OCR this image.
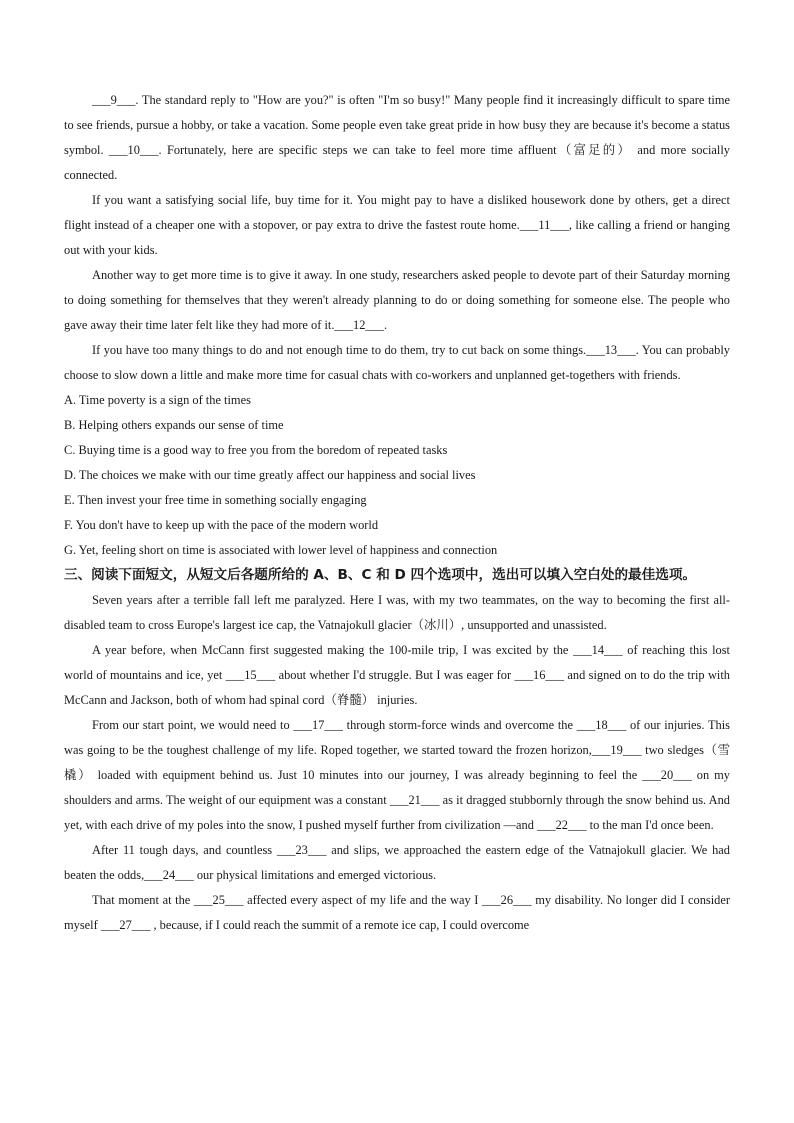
___9___. The standard reply to "How are you?" is often "I'm so busy!" Many people find it increasingly difficult to spare time to see friends, pursue a hobby, or take a vacation. Some people even take great pride in how busy they are because it's become a status symbol. ___10___. Fortunately, here are specific steps we can take to feel more time affluent（富足的） and more socially connected.

If you want a satisfying social life, buy time for it. You might pay to have a disliked housework done by others, get a direct flight instead of a cheaper one with a stopover, or pay extra to drive the fastest route home.___11___, like calling a friend or hanging out with your kids.

Another way to get more time is to give it away. In one study, researchers asked people to devote part of their Saturday morning to doing something for themselves that they weren't already planning to do or doing something for someone else. The people who gave away their time later felt like they had more of it.___12___.

If you have too many things to do and not enough time to do them, try to cut back on some things.___13___. You can probably choose to slow down a little and make more time for casual chats with co-workers and unplanned get-togethers with friends.

A. Time poverty is a sign of the times

B. Helping others expands our sense of time

C. Buying time is a good way to free you from the boredom of repeated tasks

D. The choices we make with our time greatly affect our happiness and social lives

E. Then invest your free time in something socially engaging

F. You don't have to keep up with the pace of the modern world

G. Yet, feeling short on time is associated with lower level of happiness and connection

三、阅读下面短文，从短文后各题所给的 A、B、C 和 D 四个选项中，选出可以填入空白处的最佳选项。

Seven years after a terrible fall left me paralyzed. Here I was, with my two teammates, on the way to becoming the first all-disabled team to cross Europe's largest ice cap, the Vatnajokull glacier（冰川）, unsupported and unassisted.

A year before, when McCann first suggested making the 100-mile trip, I was excited by the ___14___ of reaching this lost world of mountains and ice, yet ___15___ about whether I'd struggle. But I was eager for ___16___ and signed on to do the trip with McCann and Jackson, both of whom had spinal cord（脊髓） injuries.

From our start point, we would need to ___17___ through storm-force winds and overcome the ___18___ of our injuries. This was going to be the toughest challenge of my life. Roped together, we started toward the frozen horizon,___19___ two sledges（雪橇） loaded with equipment behind us. Just 10 minutes into our journey, I was already beginning to feel the ___20___ on my shoulders and arms. The weight of our equipment was a constant ___21___ as it dragged stubbornly through the snow behind us. And yet, with each drive of my poles into the snow, I pushed myself further from civilization —and ___22___ to the man I'd once been.

After 11 tough days, and countless ___23___ and slips, we approached the eastern edge of the Vatnajokull glacier. We had beaten the odds,___24___ our physical limitations and emerged victorious.

That moment at the ___25___ affected every aspect of my life and the way I ___26___ my disability. No longer did I consider myself ___27___ , because, if I could reach the summit of a remote ice cap, I could overcome
